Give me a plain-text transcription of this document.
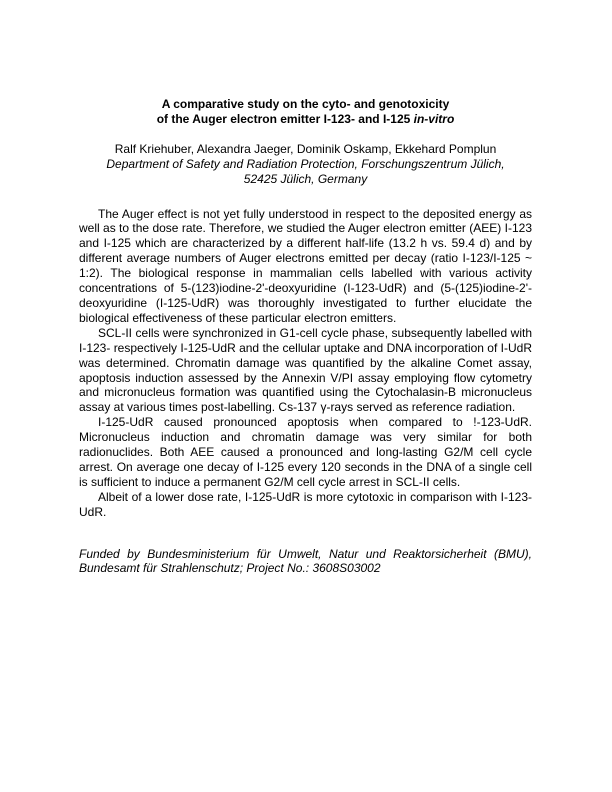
A comparative study on the cyto- and genotoxicity
of the Auger electron emitter I-123- and I-125 in-vitro
Ralf Kriehuber, Alexandra Jaeger, Dominik Oskamp, Ekkehard Pomplun
Department of Safety and Radiation Protection, Forschungszentrum Jülich,
52425 Jülich, Germany

The Auger effect is not yet fully understood in respect to the deposited energy as well as to the dose rate. Therefore, we studied the Auger electron emitter (AEE) I-123 and I-125 which are characterized by a different half-life (13.2 h vs. 59.4 d) and by different average numbers of Auger electrons emitted per decay (ratio I-123/I-125 ~ 1:2). The biological response in mammalian cells labelled with various activity concentrations of 5-(123)iodine-2'-deoxyuridine (I-123-UdR) and (5-(125)iodine-2'-deoxyuridine (I-125-UdR) was thoroughly investigated to further elucidate the biological effectiveness of these particular electron emitters.

SCL-II cells were synchronized in G1-cell cycle phase, subsequently labelled with I-123- respectively I-125-UdR and the cellular uptake and DNA incorporation of I-UdR was determined. Chromatin damage was quantified by the alkaline Comet assay, apoptosis induction assessed by the Annexin V/PI assay employing flow cytometry and micronucleus formation was quantified using the Cytochalasin-B micronucleus assay at various times post-labelling. Cs-137 γ-rays served as reference radiation.

I-125-UdR caused pronounced apoptosis when compared to !-123-UdR. Micronucleus induction and chromatin damage was very similar for both radionuclides. Both AEE caused a pronounced and long-lasting G2/M cell cycle arrest. On average one decay of I-125 every 120 seconds in the DNA of a single cell is sufficient to induce a permanent G2/M cell cycle arrest in SCL-II cells.

Albeit of a lower dose rate, I-125-UdR is more cytotoxic in comparison with I-123-UdR.

Funded by Bundesministerium für Umwelt, Natur und Reaktorsicherheit (BMU), Bundesamt für Strahlenschutz; Project No.: 3608S03002
